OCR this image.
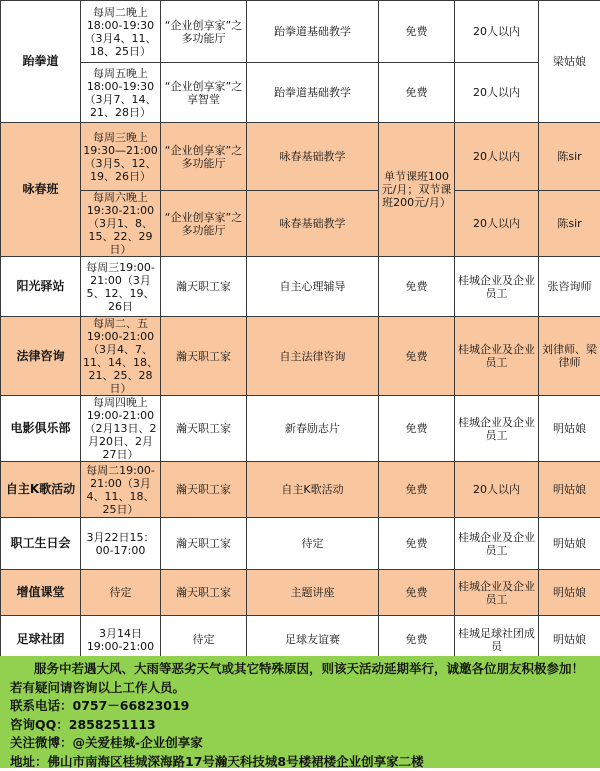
跆拳道	每周二晚上18:00-19:30（3月4、11、18、25日）	“企业创享家”之多功能厅	跆拳道基础教学	免费	20人以内	梁姑娘
	每周五晚上18:00-19:30（3月7、14、21、28日）	“企业创享家”之享智堂	跆拳道基础教学	免费	20人以内	
咏春班	每周三晚上19:30—21:00（3月5、12、19、26日）	“企业创享家”之多功能厅	咏春基础教学	单节课班100元/月；双节课班200元/月）	20人以内	陈sir
	每周六晚上19:30-21:00（3月1、8、15、22、29日）	“企业创享家”之多功能厅	咏春基础教学		20人以内	陈sir
阳光驿站	每周三19:00-21:00（3月5、12、19、26日	瀚天职工家	自主心理辅导	免费	桂城企业及企业员工	张咨询师
法律咨询	每周二、五19:00-21:00（3月4、7、11、14、18、21、25、28日）	瀚天职工家	自主法律咨询	免费	桂城企业及企业员工	刘律师、梁律师
电影俱乐部	每周四晚上19:00-21:00（2月13日、2月20日、2月27日）	瀚天职工家	新春励志片	免费	桂城企业及企业员工	明姑娘
自主K歌活动	每周二19:00-21:00（3月4、11、18、25日）	瀚天职工家	自主K歌活动	免费	20人以内	明姑娘
职工生日会	3月22日15：00-17:00	瀚天职工家	待定	免费	桂城企业及企业员工	明姑娘
增值课堂	待定	瀚天职工家	主题讲座	免费	桂城企业及企业员工	明姑娘
足球社团	3月14日19:00-21:00	待定	足球友谊赛	免费	桂城足球社团成员	明姑娘
服务中若遇大风、大雨等恶劣天气或其它特殊原因，则该天活动延期举行，诚邀各位朋友积极参加！若有疑问请咨询以上工作人员。
联系电话：0757－66823019
咨询QQ：2858251113
关注微博：@关爱桂城-企业创享家
地址：佛山市南海区桂城深海路17号瀚天科技城8号楼裙楼企业创享家二楼
